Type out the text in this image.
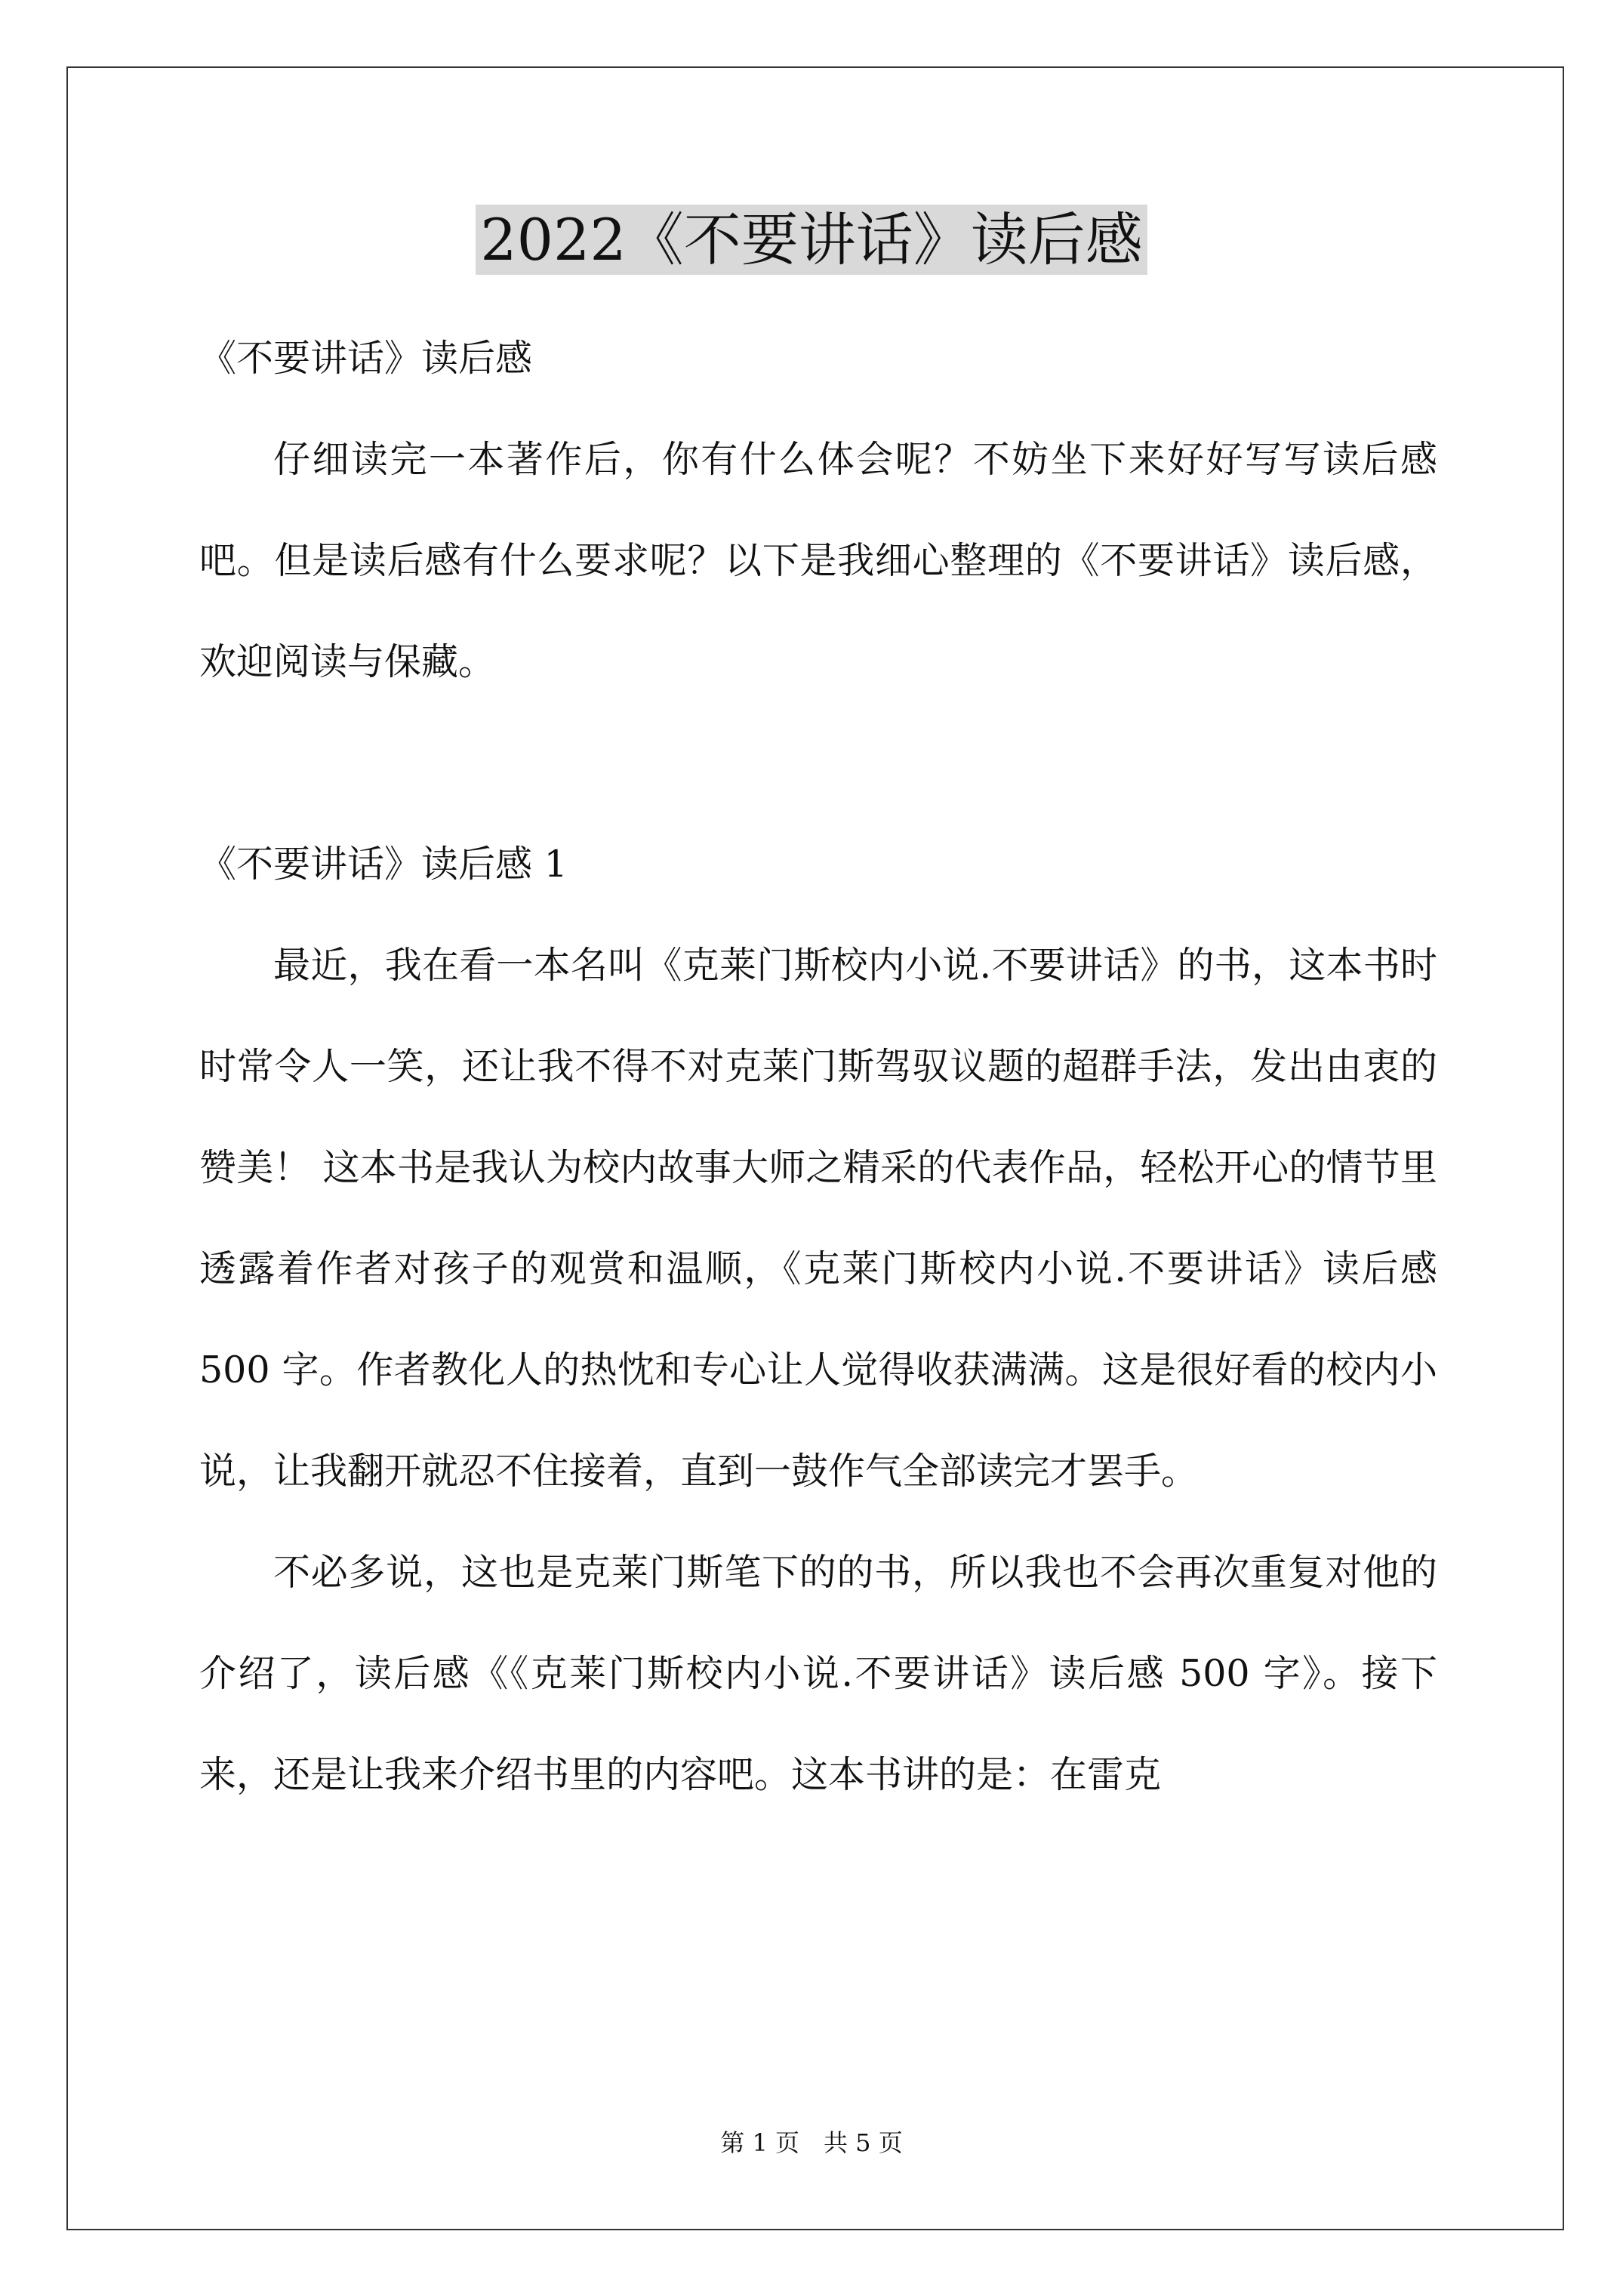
2022《不要讲话》读后感

《不要讲话》读后感

仔细读完一本著作后，你有什么体会呢？不妨坐下来好好写写读后感吧。但是读后感有什么要求呢？以下是我细心整理的《不要讲话》读后感，欢迎阅读与保藏。

《不要讲话》读后感 1

最近，我在看一本名叫《克莱门斯校内小说.不要讲话》的书，这本书时时常令人一笑，还让我不得不对克莱门斯驾驭议题的超群手法，发出由衷的赞美！ 这本书是我认为校内故事大师之精采的代表作品，轻松开心的情节里透露着作者对孩子的观赏和温顺，《克莱门斯校内小说.不要讲话》读后感 500 字。作者教化人的热忱和专心让人觉得收获满满。这是很好看的校内小说，让我翻开就忍不住接着，直到一鼓作气全部读完才罢手。

不必多说，这也是克莱门斯笔下的的书，所以我也不会再次重复对他的介绍了，读后感《《克莱门斯校内小说.不要讲话》读后感 500 字》。接下来，还是让我来介绍书里的内容吧。这本书讲的是：在雷克

第 1 页　共 5 页
